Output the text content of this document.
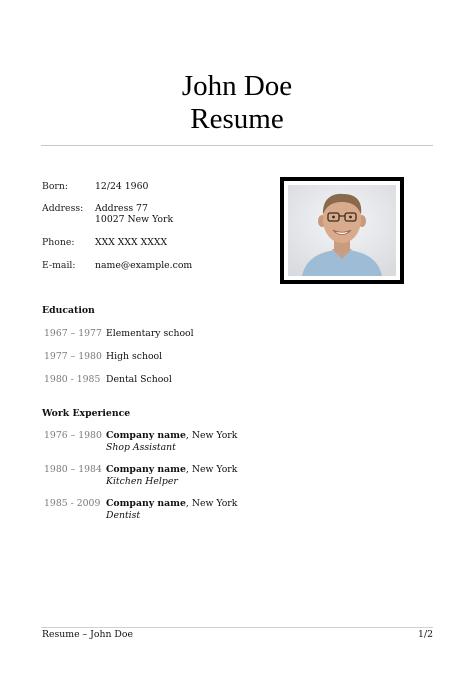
John Doe
Resume
Born:	12/24 1960
Address: Address 77
10027 New York
Phone: XXX XXX XXXX
E-mail: name@example.com
Education
1967 – 1977 Elementary school
1977 – 1980 High school
1980 - 1985 Dental School
Work Experience
1976 – 1980 Company name, New York
Shop Assistant
1980 – 1984 Company name, New York
Kitchen Helper
1985 - 2009 Company name, New York
Dentist
Resume – John Doe	1/2
